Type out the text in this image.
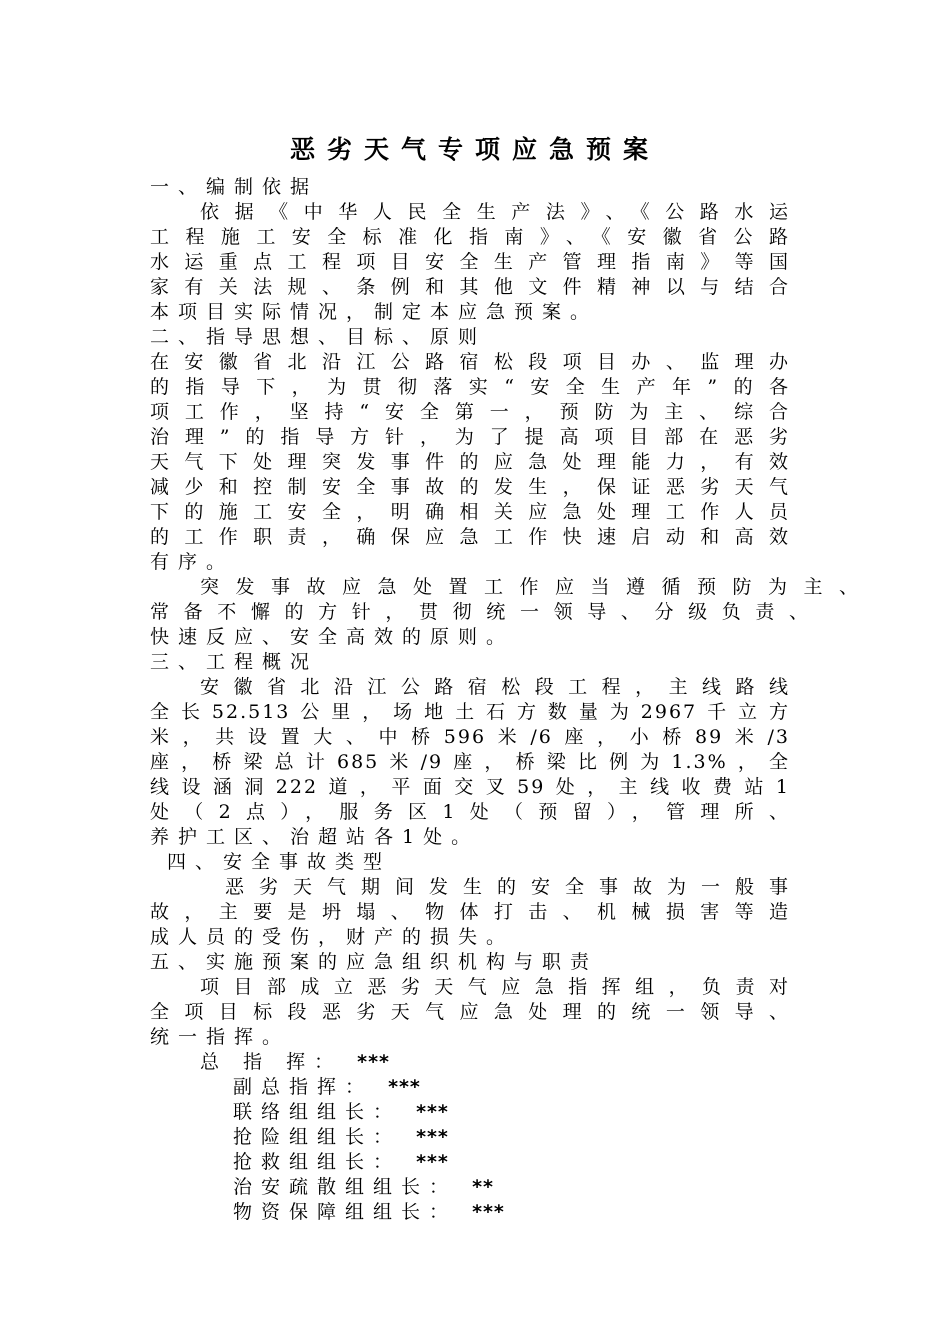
恶劣天气专项应急预案
一、编制依据
依据《中华人民全生产法》、《公路水运
工程施工安全标准化指南》、《安徽省公路
水运重点工程项目安全生产管理指南》等国
家有关法规、条例和其他文件精神以与结合
本项目实际情况，制定本应急预案。
二、指导思想、目标、原则
在安徽省北沿江公路宿松段项目办、监理办
的指导下，为贯彻落实“安全生产年”的各
项工作，坚持“安全第一，预防为主、综合
治理”的指导方针，为了提高项目部在恶劣
天气下处理突发事件的应急处理能力，有效
减少和控制安全事故的发生，保证恶劣天气
下的施工安全，明确相关应急处理工作人员
的工作职责，确保应急工作快速启动和高效
有序。
突发事故应急处置工作应当遵循预防为主、
常备不懈的方针，贯彻统一领导、分级负责、
快速反应、安全高效的原则。
三、工程概况
安徽省北沿江公路宿松段工程，主线路线
全长52.513公里，场地土石方数量为2967千立方
米，共设置大、中桥596米/6座，小桥89米/3
座，桥梁总计685米/9座，桥梁比例为1.3%，全
线设涵洞222道，平面交叉59处，主线收费站1
处（2点），服务区1处（预留），管理所、
养护工区、治超站各1处。
四、安全事故类型
恶劣天气期间发生的安全事故为一般事
故，主要是坍塌、物体打击、机械损害等造
成人员的受伤，财产的损失。
五、实施预案的应急组织机构与职责
项目部成立恶劣天气应急指挥组，负责对
全项目标段恶劣天气应急处理的统一领导、
统一指挥。
总 指 挥： ***
副总指挥： ***
联络组组长： ***
抢险组组长： ***
抢救组组长： ***
治安疏散组组长： **
物资保障组组长： ***
